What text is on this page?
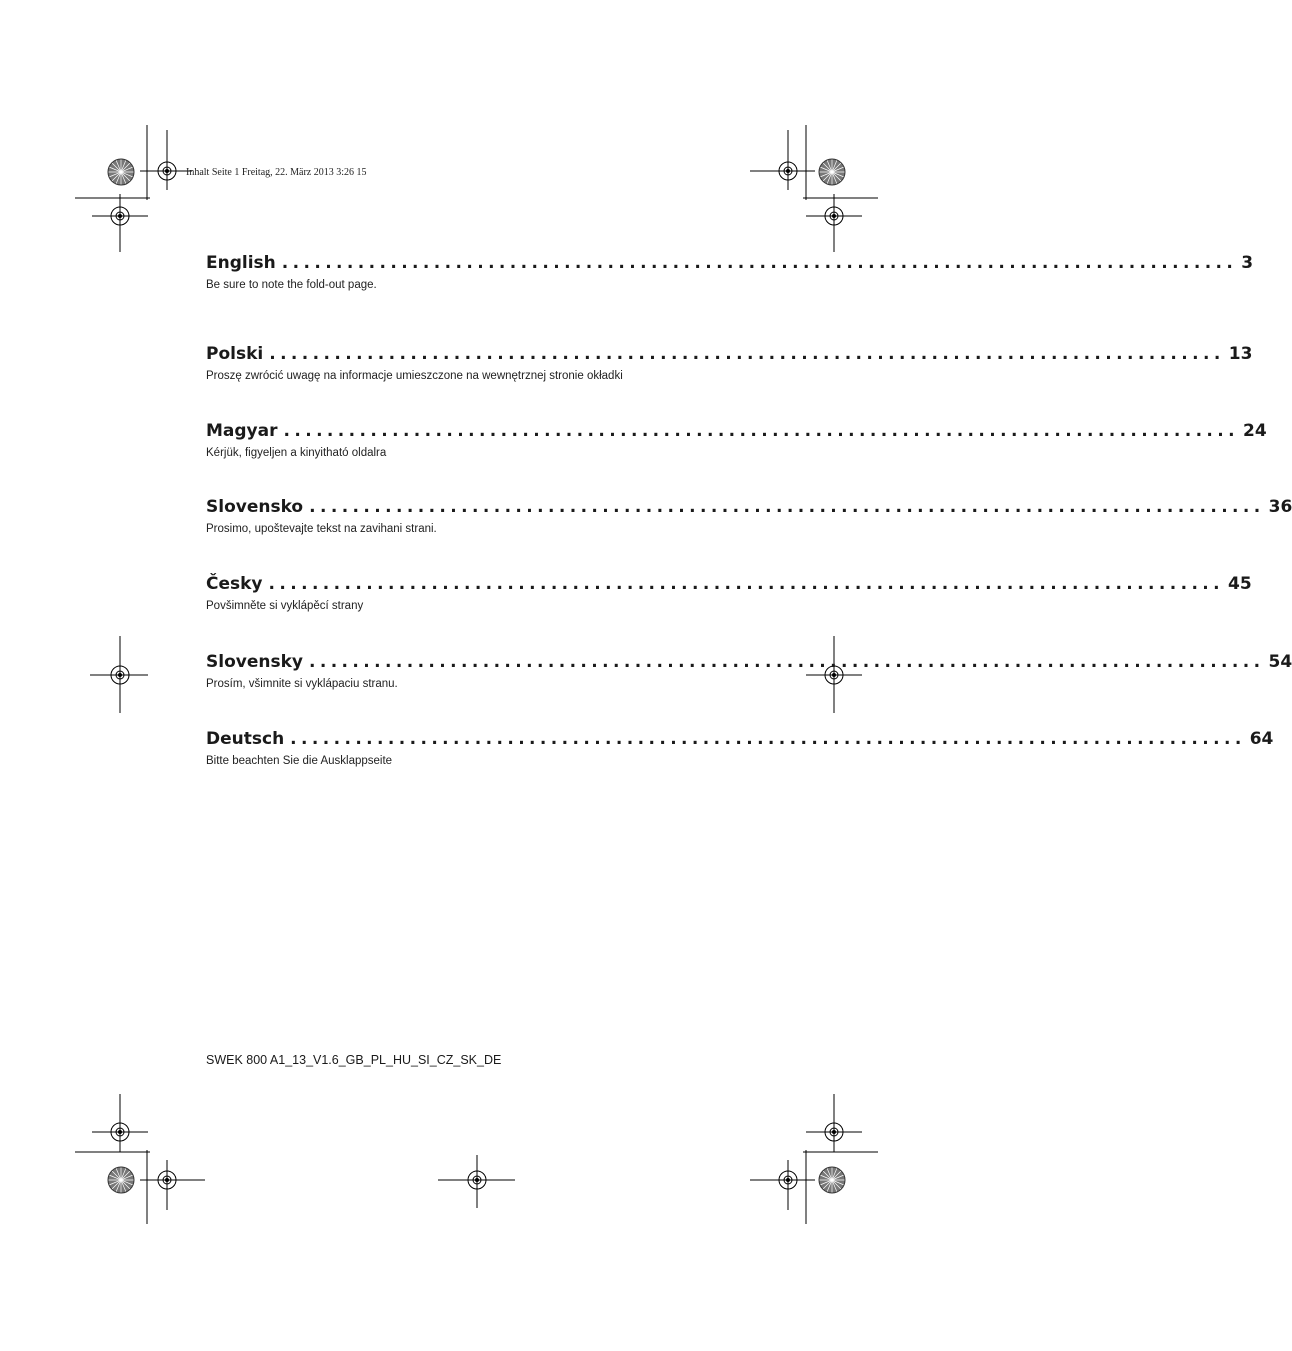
Inhalt Seite 1 Freitag, 22. März 2013 3:26 15
English ........................................................................................ 3
Be sure to note the fold-out page.
Polski ........................................................................................ 13
Proszę zwrócić uwagę na informacje umieszczone na wewnętrznej stronie okładki
Magyar ........................................................................................ 24
Kérjük, figyeljen a kinyitható oldalra
Slovensko ........................................................................................ 36
Prosimo, upoštevajte tekst na zavihani strani.
Česky ........................................................................................ 45
Povšimněte si vyklápěcí strany
Slovensky ........................................................................................ 54
Prosím, všimnite si vyklápaciu stranu.
Deutsch ........................................................................................ 64
Bitte beachten Sie die Ausklappseite
SWEK 800 A1_13_V1.6_GB_PL_HU_SI_CZ_SK_DE
